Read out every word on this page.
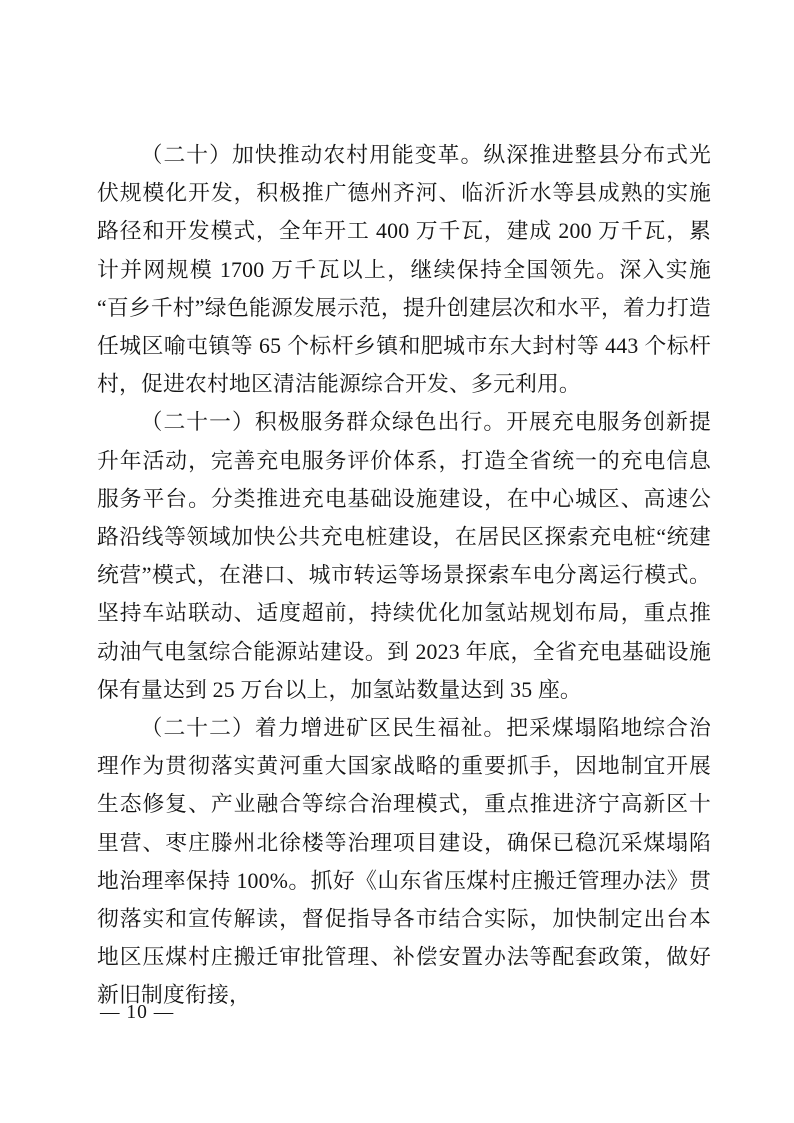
（二十）加快推动农村用能变革。纵深推进整县分布式光伏规模化开发，积极推广德州齐河、临沂沂水等县成熟的实施路径和开发模式，全年开工 400 万千瓦，建成 200 万千瓦，累计并网规模 1700 万千瓦以上，继续保持全国领先。深入实施“百乡千村”绿色能源发展示范，提升创建层次和水平，着力打造任城区喻屯镇等 65 个标杆乡镇和肥城市东大封村等 443 个标杆村，促进农村地区清洁能源综合开发、多元利用。

（二十一）积极服务群众绿色出行。开展充电服务创新提升年活动，完善充电服务评价体系，打造全省统一的充电信息服务平台。分类推进充电基础设施建设，在中心城区、高速公路沿线等领域加快公共充电桩建设，在居民区探索充电桩“统建统营”模式，在港口、城市转运等场景探索车电分离运行模式。坚持车站联动、适度超前，持续优化加氢站规划布局，重点推动油气电氢综合能源站建设。到 2023 年底，全省充电基础设施保有量达到 25 万台以上，加氢站数量达到 35 座。

（二十二）着力增进矿区民生福祉。把采煤塌陷地综合治理作为贯彻落实黄河重大国家战略的重要抓手，因地制宜开展生态修复、产业融合等综合治理模式，重点推进济宁高新区十里营、枣庄滕州北徐楼等治理项目建设，确保已稳沉采煤塌陷地治理率保持 100%。抓好《山东省压煤村庄搬迁管理办法》贯彻落实和宣传解读，督促指导各市结合实际，加快制定出台本地区压煤村庄搬迁审批管理、补偿安置办法等配套政策，做好新旧制度衔接，

— 10 —
